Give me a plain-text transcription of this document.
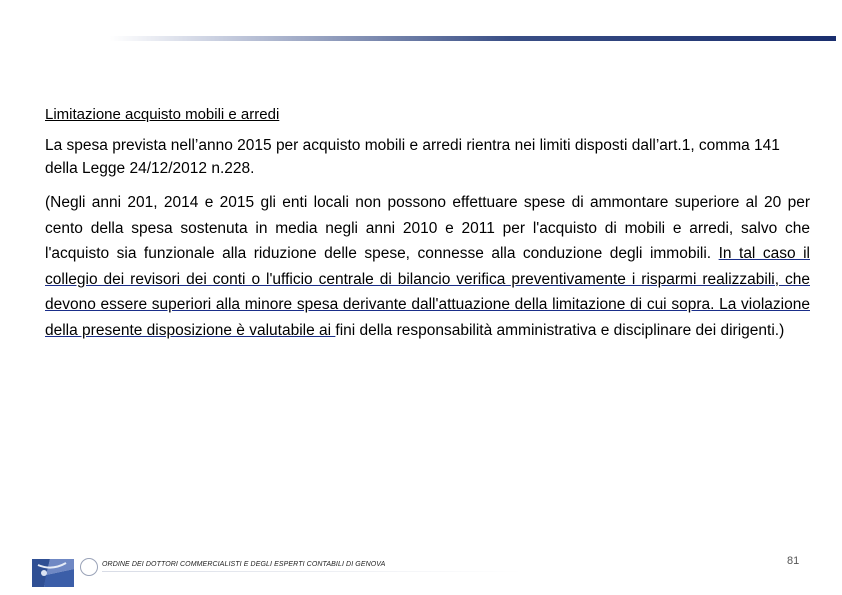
Limitazione acquisto mobili e arredi

La spesa prevista nell’anno 2015 per acquisto mobili e arredi rientra nei limiti disposti dall’art.1, comma 141 della Legge 24/12/2012 n.228.

(Negli anni 201, 2014 e 2015 gli enti locali non possono effettuare spese di ammontare superiore al 20 per cento della spesa sostenuta in media negli anni 2010 e 2011 per l'acquisto di mobili e arredi, salvo che l'acquisto sia funzionale alla riduzione delle spese, connesse alla conduzione degli immobili. In tal caso il collegio dei revisori dei conti o l'ufficio centrale di bilancio verifica preventivamente i risparmi realizzabili, che devono essere superiori alla minore spesa derivante dall'attuazione della limitazione di cui sopra. La violazione della presente disposizione è valutabile ai fini della responsabilità amministrativa e disciplinare dei dirigenti.)

ORDINE DEI DOTTORI COMMERCIALISTI E DEGLI ESPERTI CONTABILI DI GENOVA	81
